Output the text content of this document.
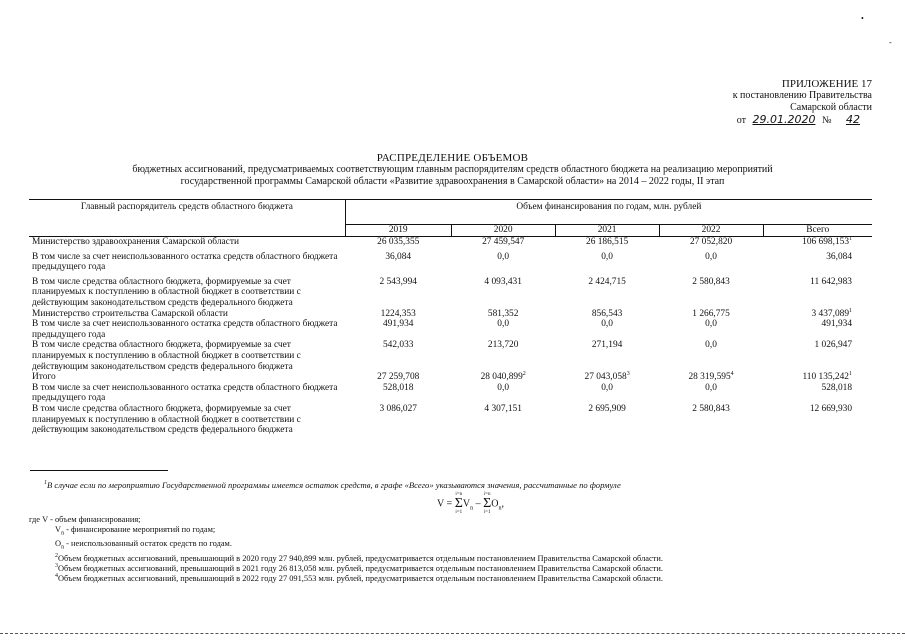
•
-
ПРИЛОЖЕНИЕ 17
к постановлению Правительства
Самарской области
от 29.01.2020 № 42
РАСПРЕДЕЛЕНИЕ ОБЪЕМОВ
бюджетных ассигнований, предусматриваемых соответствующим главным распорядителям средств областного бюджета на реализацию мероприятий
государственной программы Самарской области «Развитие здравоохранения в Самарской области» на 2014 – 2022 годы, II этап
Главный распорядитель средств областного бюджета	Объем финансирования по годам, млн. рублей				
	2019	2020	2021	2022	Всего
Министерство здравоохранения Самарской области	26 035,355	27 459,547	26 186,515	27 052,820	106 698,153$^1$
В том числе за счет неиспользованного остатка средств областного бюджета предыдущего года	36,084	0,0	0,0	0,0	36,084
В том числе средства областного бюджета, формируемые за счет планируемых к поступлению в областной бюджет в соответствии с действующим законодательством средств федерального бюджета	2 543,994	4 093,431	2 424,715	2 580,843	11 642,983
Министерство строительства Самарской области	1224,353	581,352	856,543	1 266,775	3 437,089$^1$
В том числе за счет неиспользованного остатка средств областного бюджета предыдущего года	491,934	0,0	0,0	0,0	491,934
В том числе средства областного бюджета, формируемые за счет планируемых к поступлению в областной бюджет в соответствии с действующим законодательством средств федерального бюджета	542,033	213,720	271,194	0,0	1 026,947
Итого	27 259,708	28 040,899$^2$	27 043,058$^3$	28 319,595$^4$	110 135,242$^1$
В том числе за счет неиспользованного остатка средств областного бюджета предыдущего года	528,018	0,0	0,0	0,0	528,018
В том числе средства областного бюджета, формируемые за счет планируемых к поступлению в областной бюджет в соответствии с действующим законодательством средств федерального бюджета	3 086,027	4 307,151	2 695,909	2 580,843	12 669,930
$^1$В случае если по мероприятию Государственной программы имеется остаток средств, в графе «Всего» указываются значения, рассчитанные по формуле
V =
i=n
Σ
i=1
$V_n$ –
i=n
Σ
i=1
$O_n$,
где V - объем финансирования;
$V_n$ - финансирование мероприятий по годам;
$O_n$ - неиспользованный остаток средств по годам.
$^2$Объем бюджетных ассигнований, превышающий в 2020 году 27 940,899 млн. рублей, предусматривается отдельным постановлением Правительства Самарской области.
$^3$Объем бюджетных ассигнований, превышающий в 2021 году 26 813,058 млн. рублей, предусматривается отдельным постановлением Правительства Самарской области.
$^4$Объем бюджетных ассигнований, превышающий в 2022 году 27 091,553 млн. рублей, предусматривается отдельным постановлением Правительства Самарской области.
